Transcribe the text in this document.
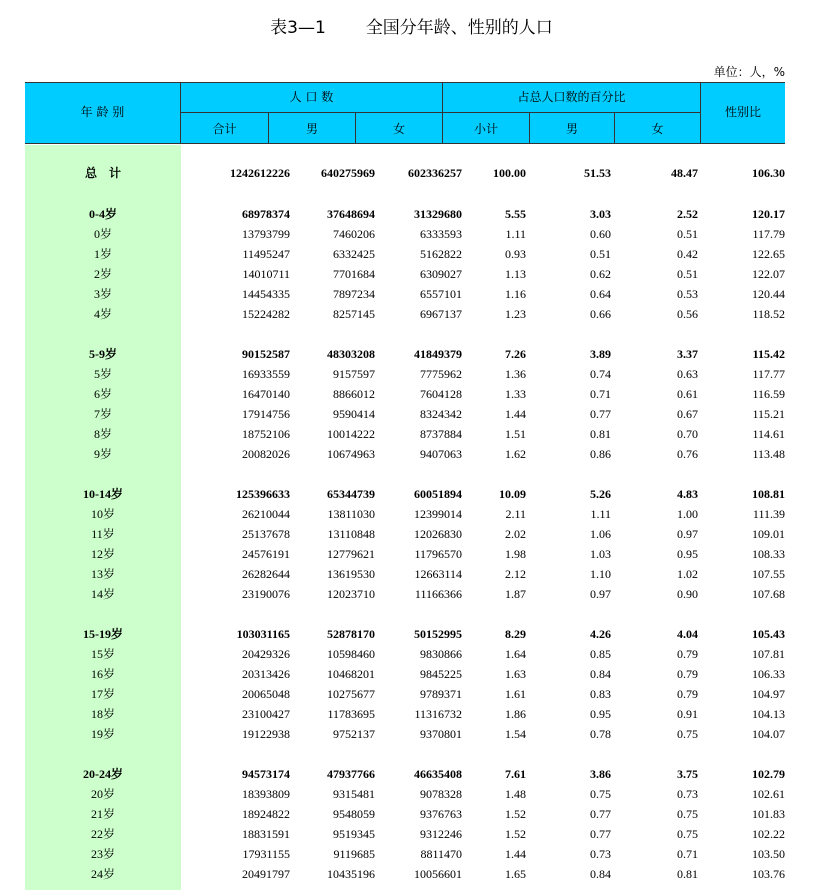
表3—1 全国分年龄、性别的人口
单位：人，%
年 龄 别
人 口 数
合计	男	女
占总人口数的百分比
小计	男	女
性别比
总　计	1242612226	640275969	602336257	100.00	51.53	48.47	106.30
0-4岁	68978374	37648694	31329680	5.55	3.03	2.52	120.17
0岁	13793799	7460206	6333593	1.11	0.60	0.51	117.79
1岁	11495247	6332425	5162822	0.93	0.51	0.42	122.65
2岁	14010711	7701684	6309027	1.13	0.62	0.51	122.07
3岁	14454335	7897234	6557101	1.16	0.64	0.53	120.44
4岁	15224282	8257145	6967137	1.23	0.66	0.56	118.52
5-9岁	90152587	48303208	41849379	7.26	3.89	3.37	115.42
5岁	16933559	9157597	7775962	1.36	0.74	0.63	117.77
6岁	16470140	8866012	7604128	1.33	0.71	0.61	116.59
7岁	17914756	9590414	8324342	1.44	0.77	0.67	115.21
8岁	18752106	10014222	8737884	1.51	0.81	0.70	114.61
9岁	20082026	10674963	9407063	1.62	0.86	0.76	113.48
10-14岁	125396633	65344739	60051894	10.09	5.26	4.83	108.81
10岁	26210044	13811030	12399014	2.11	1.11	1.00	111.39
11岁	25137678	13110848	12026830	2.02	1.06	0.97	109.01
12岁	24576191	12779621	11796570	1.98	1.03	0.95	108.33
13岁	26282644	13619530	12663114	2.12	1.10	1.02	107.55
14岁	23190076	12023710	11166366	1.87	0.97	0.90	107.68
15-19岁	103031165	52878170	50152995	8.29	4.26	4.04	105.43
15岁	20429326	10598460	9830866	1.64	0.85	0.79	107.81
16岁	20313426	10468201	9845225	1.63	0.84	0.79	106.33
17岁	20065048	10275677	9789371	1.61	0.83	0.79	104.97
18岁	23100427	11783695	11316732	1.86	0.95	0.91	104.13
19岁	19122938	9752137	9370801	1.54	0.78	0.75	104.07
20-24岁	94573174	47937766	46635408	7.61	3.86	3.75	102.79
20岁	18393809	9315481	9078328	1.48	0.75	0.73	102.61
21岁	18924822	9548059	9376763	1.52	0.77	0.75	101.83
22岁	18831591	9519345	9312246	1.52	0.77	0.75	102.22
23岁	17931155	9119685	8811470	1.44	0.73	0.71	103.50
24岁	20491797	10435196	10056601	1.65	0.84	0.81	103.76
